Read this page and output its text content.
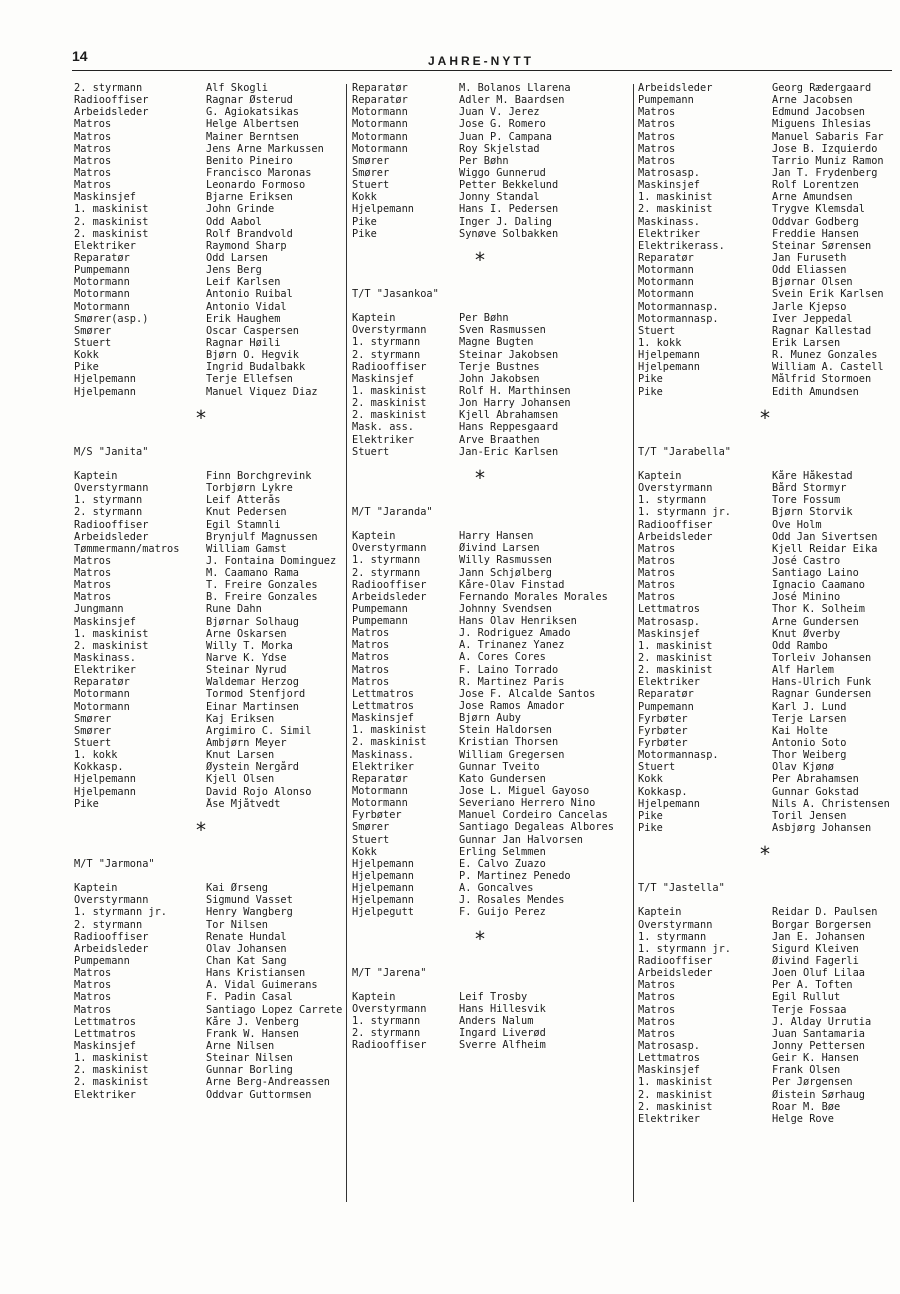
14	JAHRE-NYTT
2. styrmann	Alf Skogli
Radiooffiser	Ragnar Østerud
Arbeidsleder	G. Agiokatsikas
Matros	Helge Albertsen
Matros	Mainer Berntsen
Matros	Jens Arne Markussen
Matros	Benito Pineiro
Matros	Francisco Maronas
Matros	Leonardo Formoso
Maskinsjef	Bjarne Eriksen
1. maskinist	John Grinde
2. maskinist	Odd Aabol
2. maskinist	Rolf Brandvold
Elektriker	Raymond Sharp
Reparatør	Odd Larsen
Pumpemann	Jens Berg
Motormann	Leif Karlsen
Motormann	Antonio Ruibal
Motormann	Antonio Vidal
Smører(asp.)	Erik Haughem
Smører	Oscar Caspersen
Stuert	Ragnar Høili
Kokk	Bjørn O. Hegvik
Pike	Ingrid Budalbakk
Hjelpemann	Terje Ellefsen
Hjelpemann	Manuel Viquez Diaz
*
M/S "Janita"
Kaptein	Finn Borchgrevink
Overstyrmann	Torbjørn Lykre
1. styrmann	Leif Atterås
2. styrmann	Knut Pedersen
Radiooffiser	Egil Stamnli
Arbeidsleder	Brynjulf Magnussen
Tømmermann/matros	William Gamst
Matros	J. Fontaina Dominguez
Matros	M. Caamano Rama
Matros	T. Freire Gonzales
Matros	B. Freire Gonzales
Jungmann	Rune Dahn
Maskinsjef	Bjørnar Solhaug
1. maskinist	Arne Oskarsen
2. maskinist	Willy T. Morka
Maskinass.	Narve K. Ydse
Elektriker	Steinar Nyrud
Reparatør	Waldemar Herzog
Motormann	Tormod Stenfjord
Motormann	Einar Martinsen
Smører	Kaj Eriksen
Smører	Argimiro C. Simil
Stuert	Ambjørn Meyer
1. kokk	Knut Larsen
Kokkasp.	Øystein Nergård
Hjelpemann	Kjell Olsen
Hjelpemann	David Rojo Alonso
Pike	Åse Mjåtvedt
*
M/T "Jarmona"
Kaptein	Kai Ørseng
Overstyrmann	Sigmund Vasset
1. styrmann jr.	Henry Wangberg
2. styrmann	Tor Nilsen
Radiooffiser	Renate Hundal
Arbeidsleder	Olav Johansen
Pumpemann	Chan Kat Sang
Matros	Hans Kristiansen
Matros	A. Vidal Guimerans
Matros	F. Padin Casal
Matros	Santiago Lopez Carrete
Lettmatros	Kåre J. Venberg
Lettmatros	Frank W. Hansen
Maskinsjef	Arne Nilsen
1. maskinist	Steinar Nilsen
2. maskinist	Gunnar Borling
2. maskinist	Arne Berg-Andreassen
Elektriker	Oddvar Guttormsen
Reparatør	M. Bolanos Llarena
Reparatør	Adler M. Baardsen
Motormann	Juan V. Jerez
Motormann	Jose G. Romero
Motormann	Juan P. Campana
Motormann	Roy Skjelstad
Smører	Per Bøhn
Smører	Wiggo Gunnerud
Stuert	Petter Bekkelund
Kokk	Jonny Standal
Hjelpemann	Hans I. Pedersen
Pike	Inger J. Daling
Pike	Synøve Solbakken
*
T/T "Jasankoa"
Kaptein	Per Bøhn
Overstyrmann	Sven Rasmussen
1. styrmann	Magne Bugten
2. styrmann	Steinar Jakobsen
Radiooffiser	Terje Bustnes
Maskinsjef	John Jakobsen
1. maskinist	Rolf H. Marthinsen
2. maskinist	Jon Harry Johansen
2. maskinist	Kjell Abrahamsen
Mask. ass.	Hans Reppesgaard
Elektriker	Arve Braathen
Stuert	Jan-Eric Karlsen
*
M/T "Jaranda"
Kaptein	Harry Hansen
Overstyrmann	Øivind Larsen
1. styrmann	Willy Rasmussen
2. styrmann	Jann Schjølberg
Radiooffiser	Kåre-Olav Finstad
Arbeidsleder	Fernando Morales Morales
Pumpemann	Johnny Svendsen
Pumpemann	Hans Olav Henriksen
Matros	J. Rodriguez Amado
Matros	A. Trinanez Yanez
Matros	A. Cores Cores
Matros	F. Laino Torrado
Matros	R. Martinez Paris
Lettmatros	Jose F. Alcalde Santos
Lettmatros	Jose Ramos Amador
Maskinsjef	Bjørn Auby
1. maskinist	Stein Haldorsen
2. maskinist	Kristian Thorsen
Maskinass.	William Gregersen
Elektriker	Gunnar Tveito
Reparatør	Kato Gundersen
Motormann	Jose L. Miguel Gayoso
Motormann	Severiano Herrero Nino
Fyrbøter	Manuel Cordeiro Cancelas
Smører	Santiago Degaleas Albores
Stuert	Gunnar Jan Halvorsen
Kokk	Erling Selmmen
Hjelpemann	E. Calvo Zuazo
Hjelpemann	P. Martinez Penedo
Hjelpemann	A. Goncalves
Hjelpemann	J. Rosales Mendes
Hjelpegutt	F. Guijo Perez
*
M/T "Jarena"
Kaptein	Leif Trosby
Overstyrmann	Hans Hillesvik
1. styrmann	Anders Nalum
2. styrmann	Ingard Liverød
Radiooffiser	Sverre Alfheim
Arbeidsleder	Georg Rædergaard
Pumpemann	Arne Jacobsen
Matros	Edmund Jacobsen
Matros	Miguens Ihlesias
Matros	Manuel Sabaris Far
Matros	Jose B. Izquierdo
Matros	Tarrio Muniz Ramon
Matrosasp.	Jan T. Frydenberg
Maskinsjef	Rolf Lorentzen
1. maskinist	Arne Amundsen
2. maskinist	Trygve Klemsdal
Maskinass.	Oddvar Godberg
Elektriker	Freddie Hansen
Elektrikerass.	Steinar Sørensen
Reparatør	Jan Furuseth
Motormann	Odd Eliassen
Motormann	Bjørnar Olsen
Motormann	Svein Erik Karlsen
Motormannasp.	Jarle Kjepso
Motormannasp.	Iver Jeppedal
Stuert	Ragnar Kallestad
1. kokk	Erik Larsen
Hjelpemann	R. Munez Gonzales
Hjelpemann	William A. Castell
Pike	Målfrid Stormoen
Pike	Edith Amundsen
*
T/T "Jarabella"
Kaptein	Kåre Håkestad
Overstyrmann	Bård Stormyr
1. styrmann	Tore Fossum
1. styrmann jr.	Bjørn Storvik
Radiooffiser	Ove Holm
Arbeidsleder	Odd Jan Sivertsen
Matros	Kjell Reidar Eika
Matros	José Castro
Matros	Santiago Laino
Matros	Ignacio Caamano
Matros	José Minino
Lettmatros	Thor K. Solheim
Matrosasp.	Arne Gundersen
Maskinsjef	Knut Øverby
1. maskinist	Odd Rambo
2. maskinist	Torleiv Johansen
2. maskinist	Alf Harlem
Elektriker	Hans-Ulrich Funk
Reparatør	Ragnar Gundersen
Pumpemann	Karl J. Lund
Fyrbøter	Terje Larsen
Fyrbøter	Kai Holte
Fyrbøter	Antonio Soto
Motormannasp.	Thor Weiberg
Stuert	Olav Kjønø
Kokk	Per Abrahamsen
Kokkasp.	Gunnar Gokstad
Hjelpemann	Nils A. Christensen
Pike	Toril Jensen
Pike	Asbjørg Johansen
*
T/T "Jastella"
Kaptein	Reidar D. Paulsen
Overstyrmann	Borgar Borgersen
1. styrmann	Jan E. Johansen
1. styrmann jr.	Sigurd Kleiven
Radiooffiser	Øivind Fagerli
Arbeidsleder	Joen Oluf Lilaa
Matros	Per A. Toften
Matros	Egil Rullut
Matros	Terje Fossaa
Matros	J. Alday Urrutia
Matros	Juan Santamaria
Matrosasp.	Jonny Pettersen
Lettmatros	Geir K. Hansen
Maskinsjef	Frank Olsen
1. maskinist	Per Jørgensen
2. maskinist	Øistein Sørhaug
2. maskinist	Roar M. Bøe
Elektriker	Helge Rove
